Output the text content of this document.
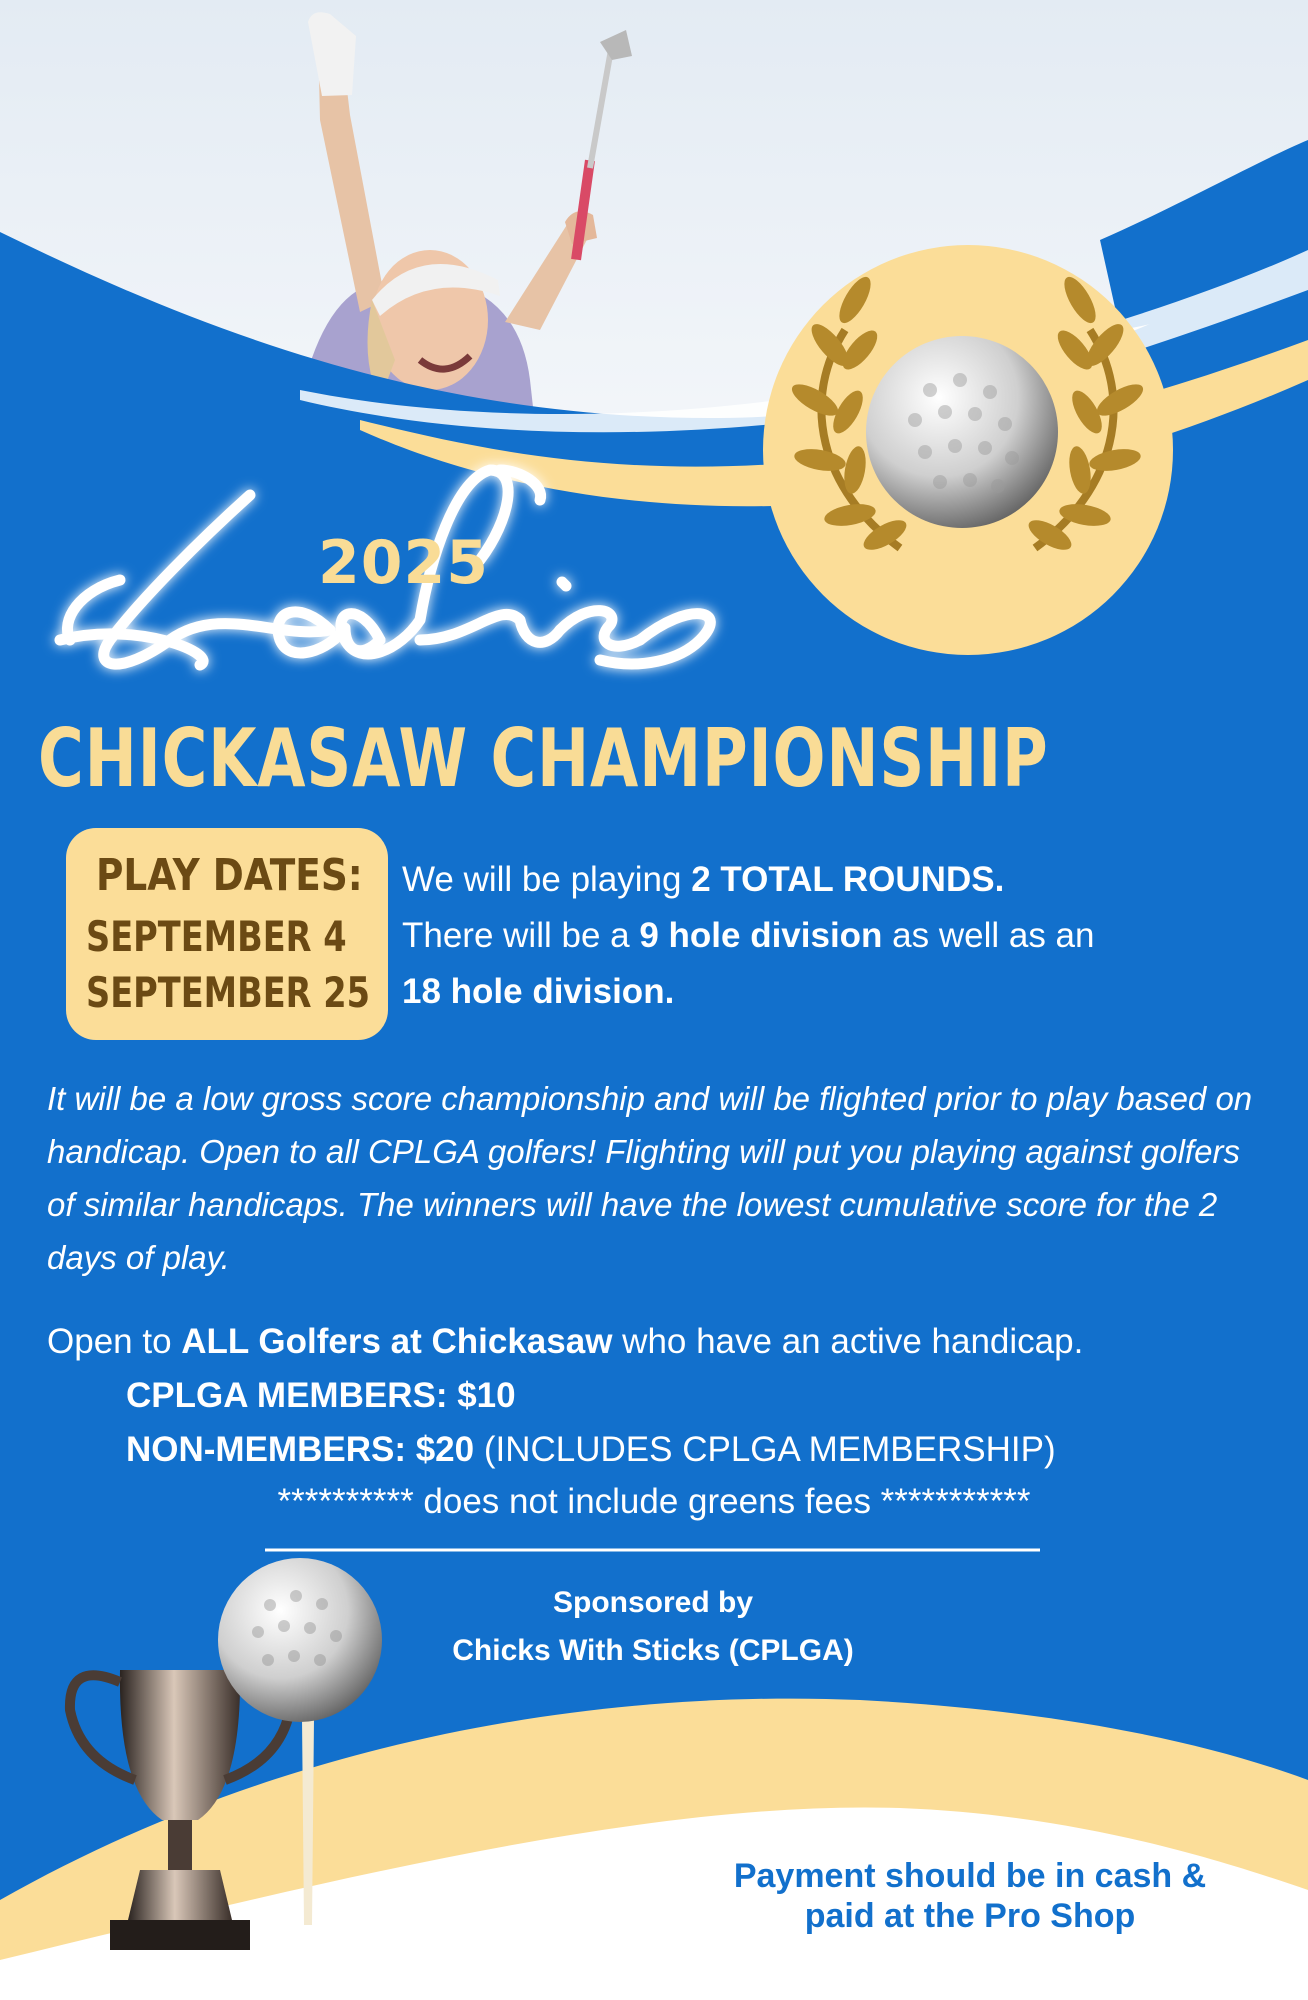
2025
CHICKASAW CHAMPIONSHIP
PLAY DATES:
SEPTEMBER 4
SEPTEMBER 25
We will be playing 2 TOTAL ROUNDS.
There will be a 9 hole division as well as an
18 hole division.
It will be a low gross score championship and will be flighted prior to play based on handicap. Open to all CPLGA golfers! Flighting will put you playing against golfers of similar handicaps. The winners will have the lowest cumulative score for the 2 days of play.
Open to ALL Golfers at Chickasaw who have an active handicap.
CPLGA MEMBERS: $10
NON-MEMBERS: $20 (INCLUDES CPLGA MEMBERSHIP)
********** does not include greens fees ***********
Sponsored by
Chicks With Sticks (CPLGA)
Payment should be in cash &
paid at the Pro Shop
